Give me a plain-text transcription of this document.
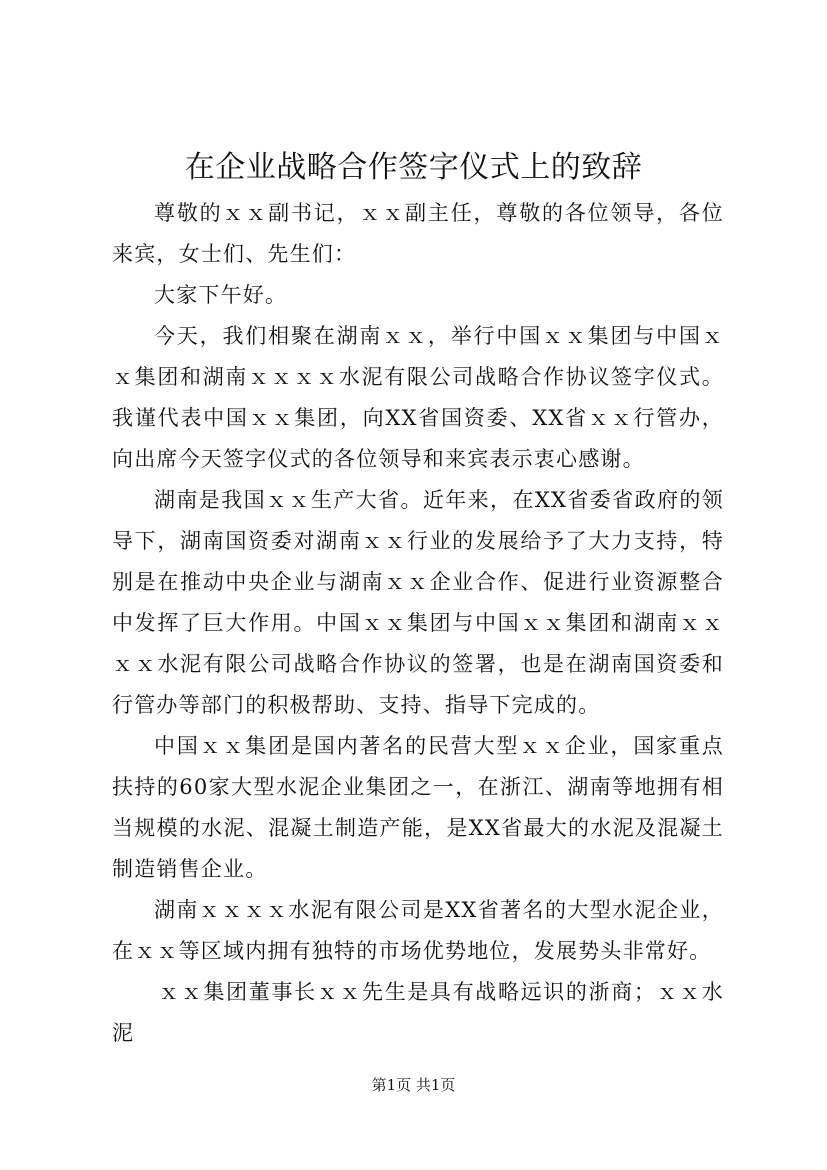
在企业战略合作签字仪式上的致辞

尊敬的ｘｘ副书记，ｘｘ副主任，尊敬的各位领导，各位来宾，女士们、先生们：

大家下午好。

今天，我们相聚在湖南ｘｘ，举行中国ｘｘ集团与中国ｘｘ集团和湖南ｘｘｘｘ水泥有限公司战略合作协议签字仪式。我谨代表中国ｘｘ集团，向XX省国资委、XX省ｘｘ行管办，向出席今天签字仪式的各位领导和来宾表示衷心感谢。

湖南是我国ｘｘ生产大省。近年来，在XX省委省政府的领导下，湖南国资委对湖南ｘｘ行业的发展给予了大力支持，特别是在推动中央企业与湖南ｘｘ企业合作、促进行业资源整合中发挥了巨大作用。中国ｘｘ集团与中国ｘｘ集团和湖南ｘｘｘｘ水泥有限公司战略合作协议的签署，也是在湖南国资委和行管办等部门的积极帮助、支持、指导下完成的。

中国ｘｘ集团是国内著名的民营大型ｘｘ企业，国家重点扶持的60家大型水泥企业集团之一，在浙江、湖南等地拥有相当规模的水泥、混凝土制造产能，是XX省最大的水泥及混凝土制造销售企业。

湖南ｘｘｘｘ水泥有限公司是XX省著名的大型水泥企业，在ｘｘ等区域内拥有独特的市场优势地位，发展势头非常好。

ｘｘ集团董事长ｘｘ先生是具有战略远识的浙商；ｘｘ水泥

第1页 共1页
